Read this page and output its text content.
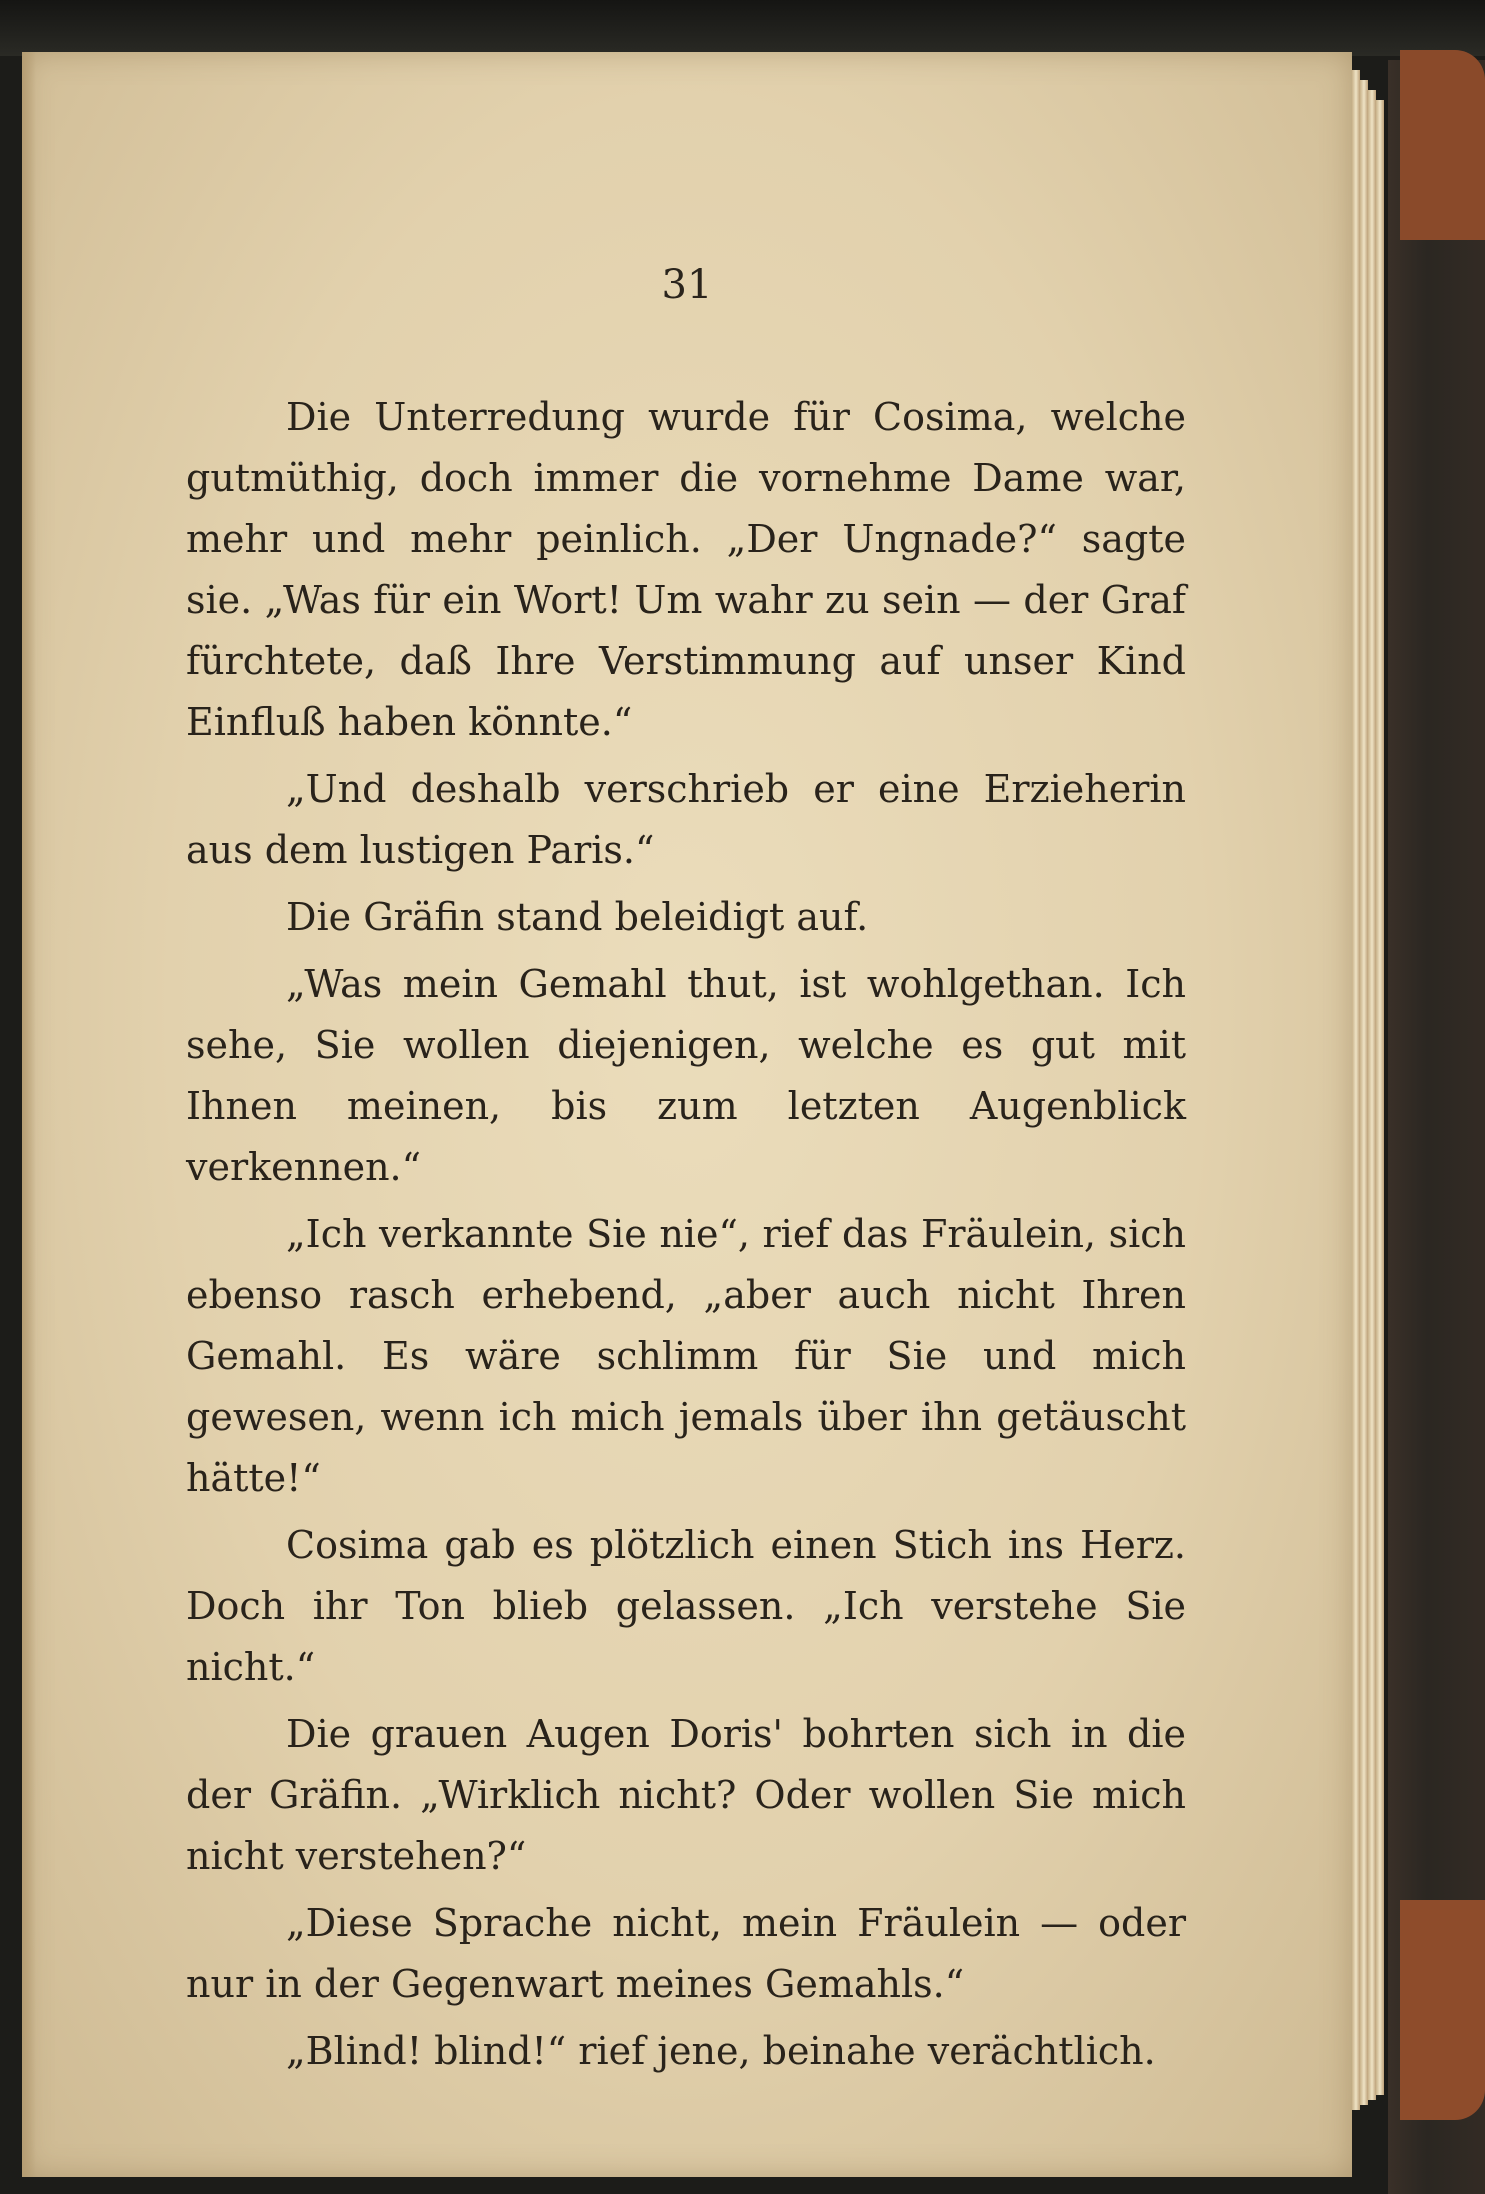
31

Die Unterredung wurde für Cosima, welche gutmüthig, doch immer die vornehme Dame war, mehr und mehr peinlich. „Der Ungnade?“ sagte sie. „Was für ein Wort! Um wahr zu sein — der Graf fürchtete, daß Ihre Verstimmung auf unser Kind Einfluß haben könnte.“

„Und deshalb verschrieb er eine Erzieherin aus dem lustigen Paris.“

Die Gräfin stand beleidigt auf.

„Was mein Gemahl thut, ist wohlgethan. Ich sehe, Sie wollen diejenigen, welche es gut mit Ihnen meinen, bis zum letzten Augenblick verkennen.“

„Ich verkannte Sie nie“, rief das Fräulein, sich ebenso rasch erhebend, „aber auch nicht Ihren Gemahl. Es wäre schlimm für Sie und mich gewesen, wenn ich mich jemals über ihn getäuscht hätte!“

Cosima gab es plötzlich einen Stich ins Herz. Doch ihr Ton blieb gelassen. „Ich verstehe Sie nicht.“

Die grauen Augen Doris' bohrten sich in die der Gräfin. „Wirklich nicht? Oder wollen Sie mich nicht verstehen?“

„Diese Sprache nicht, mein Fräulein — oder nur in der Gegenwart meines Gemahls.“

„Blind! blind!“ rief jene, beinahe verächtlich.
